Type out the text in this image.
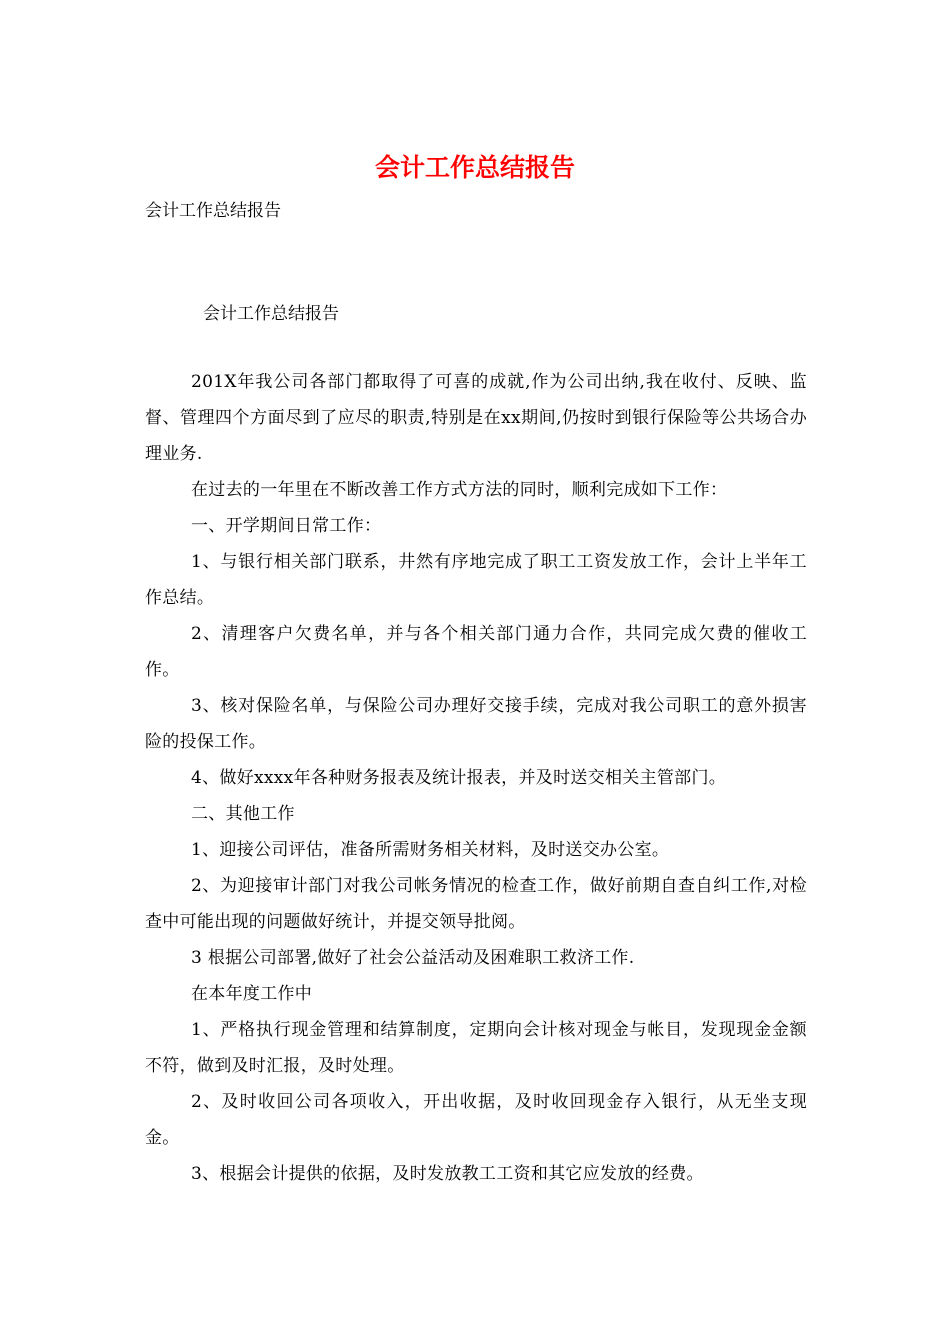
会计工作总结报告

会计工作总结报告

会计工作总结报告

201X年我公司各部门都取得了可喜的成就,作为公司出纳,我在收付、反映、监督、管理四个方面尽到了应尽的职责,特别是在xx期间,仍按时到银行保险等公共场合办理业务.

在过去的一年里在不断改善工作方式方法的同时，顺利完成如下工作：

一、开学期间日常工作：

1、与银行相关部门联系，井然有序地完成了职工工资发放工作，会计上半年工作总结。

2、清理客户欠费名单，并与各个相关部门通力合作，共同完成欠费的催收工作。

3、核对保险名单，与保险公司办理好交接手续，完成对我公司职工的意外损害险的投保工作。

4、做好xxxx年各种财务报表及统计报表，并及时送交相关主管部门。

二、其他工作

1、迎接公司评估，准备所需财务相关材料，及时送交办公室。

2、为迎接审计部门对我公司帐务情况的检查工作，做好前期自查自纠工作,对检查中可能出现的问题做好统计，并提交领导批阅。

3 根据公司部署,做好了社会公益活动及困难职工救济工作.

在本年度工作中

1、严格执行现金管理和结算制度，定期向会计核对现金与帐目，发现现金金额不符，做到及时汇报，及时处理。

2、及时收回公司各项收入，开出收据，及时收回现金存入银行，从无坐支现金。

3、根据会计提供的依据，及时发放教工工资和其它应发放的经费。
